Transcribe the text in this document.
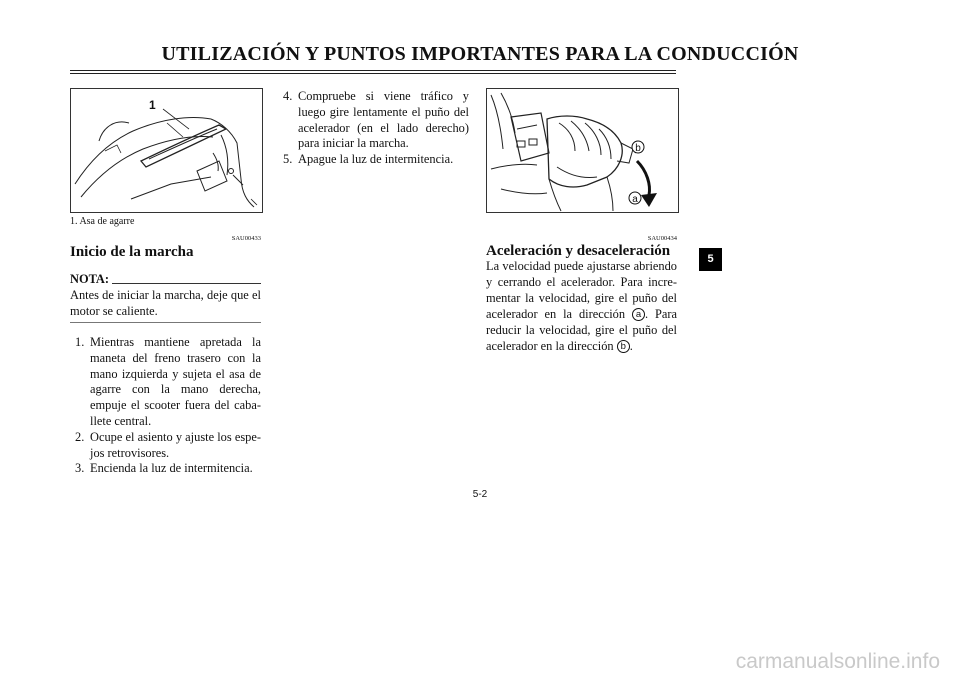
UTILIZACIÓN Y PUNTOS IMPORTANTES PARA LA CONDUCCIÓN
1
1. Asa de agarre
SAU00433
Inicio de la marcha
NOTA:
Antes de iniciar la marcha, deje que el motor se caliente.
1. Mientras mantiene apretada la maneta del freno trasero con la mano izquierda y sujeta el asa de agarre con la mano derecha, empuje el scooter fuera del caba-llete central.
2. Ocupe el asiento y ajuste los espe-jos retrovisores.
3. Encienda la luz de intermitencia.
4. Compruebe si viene tráfico y luego gire lentamente el puño del acelerador (en el lado derecho) para iniciar la marcha.
5. Apague la luz de intermitencia.
b
a
SAU00434
Aceleración y desaceleración
La velocidad puede ajustarse abriendo y cerrando el acelerador. Para incre-mentar la velocidad, gire el puño del acelerador en la dirección a . Para reducir la velocidad, gire el puño del acelerador en la dirección b .
5
5-2
carmanualsonline.info
